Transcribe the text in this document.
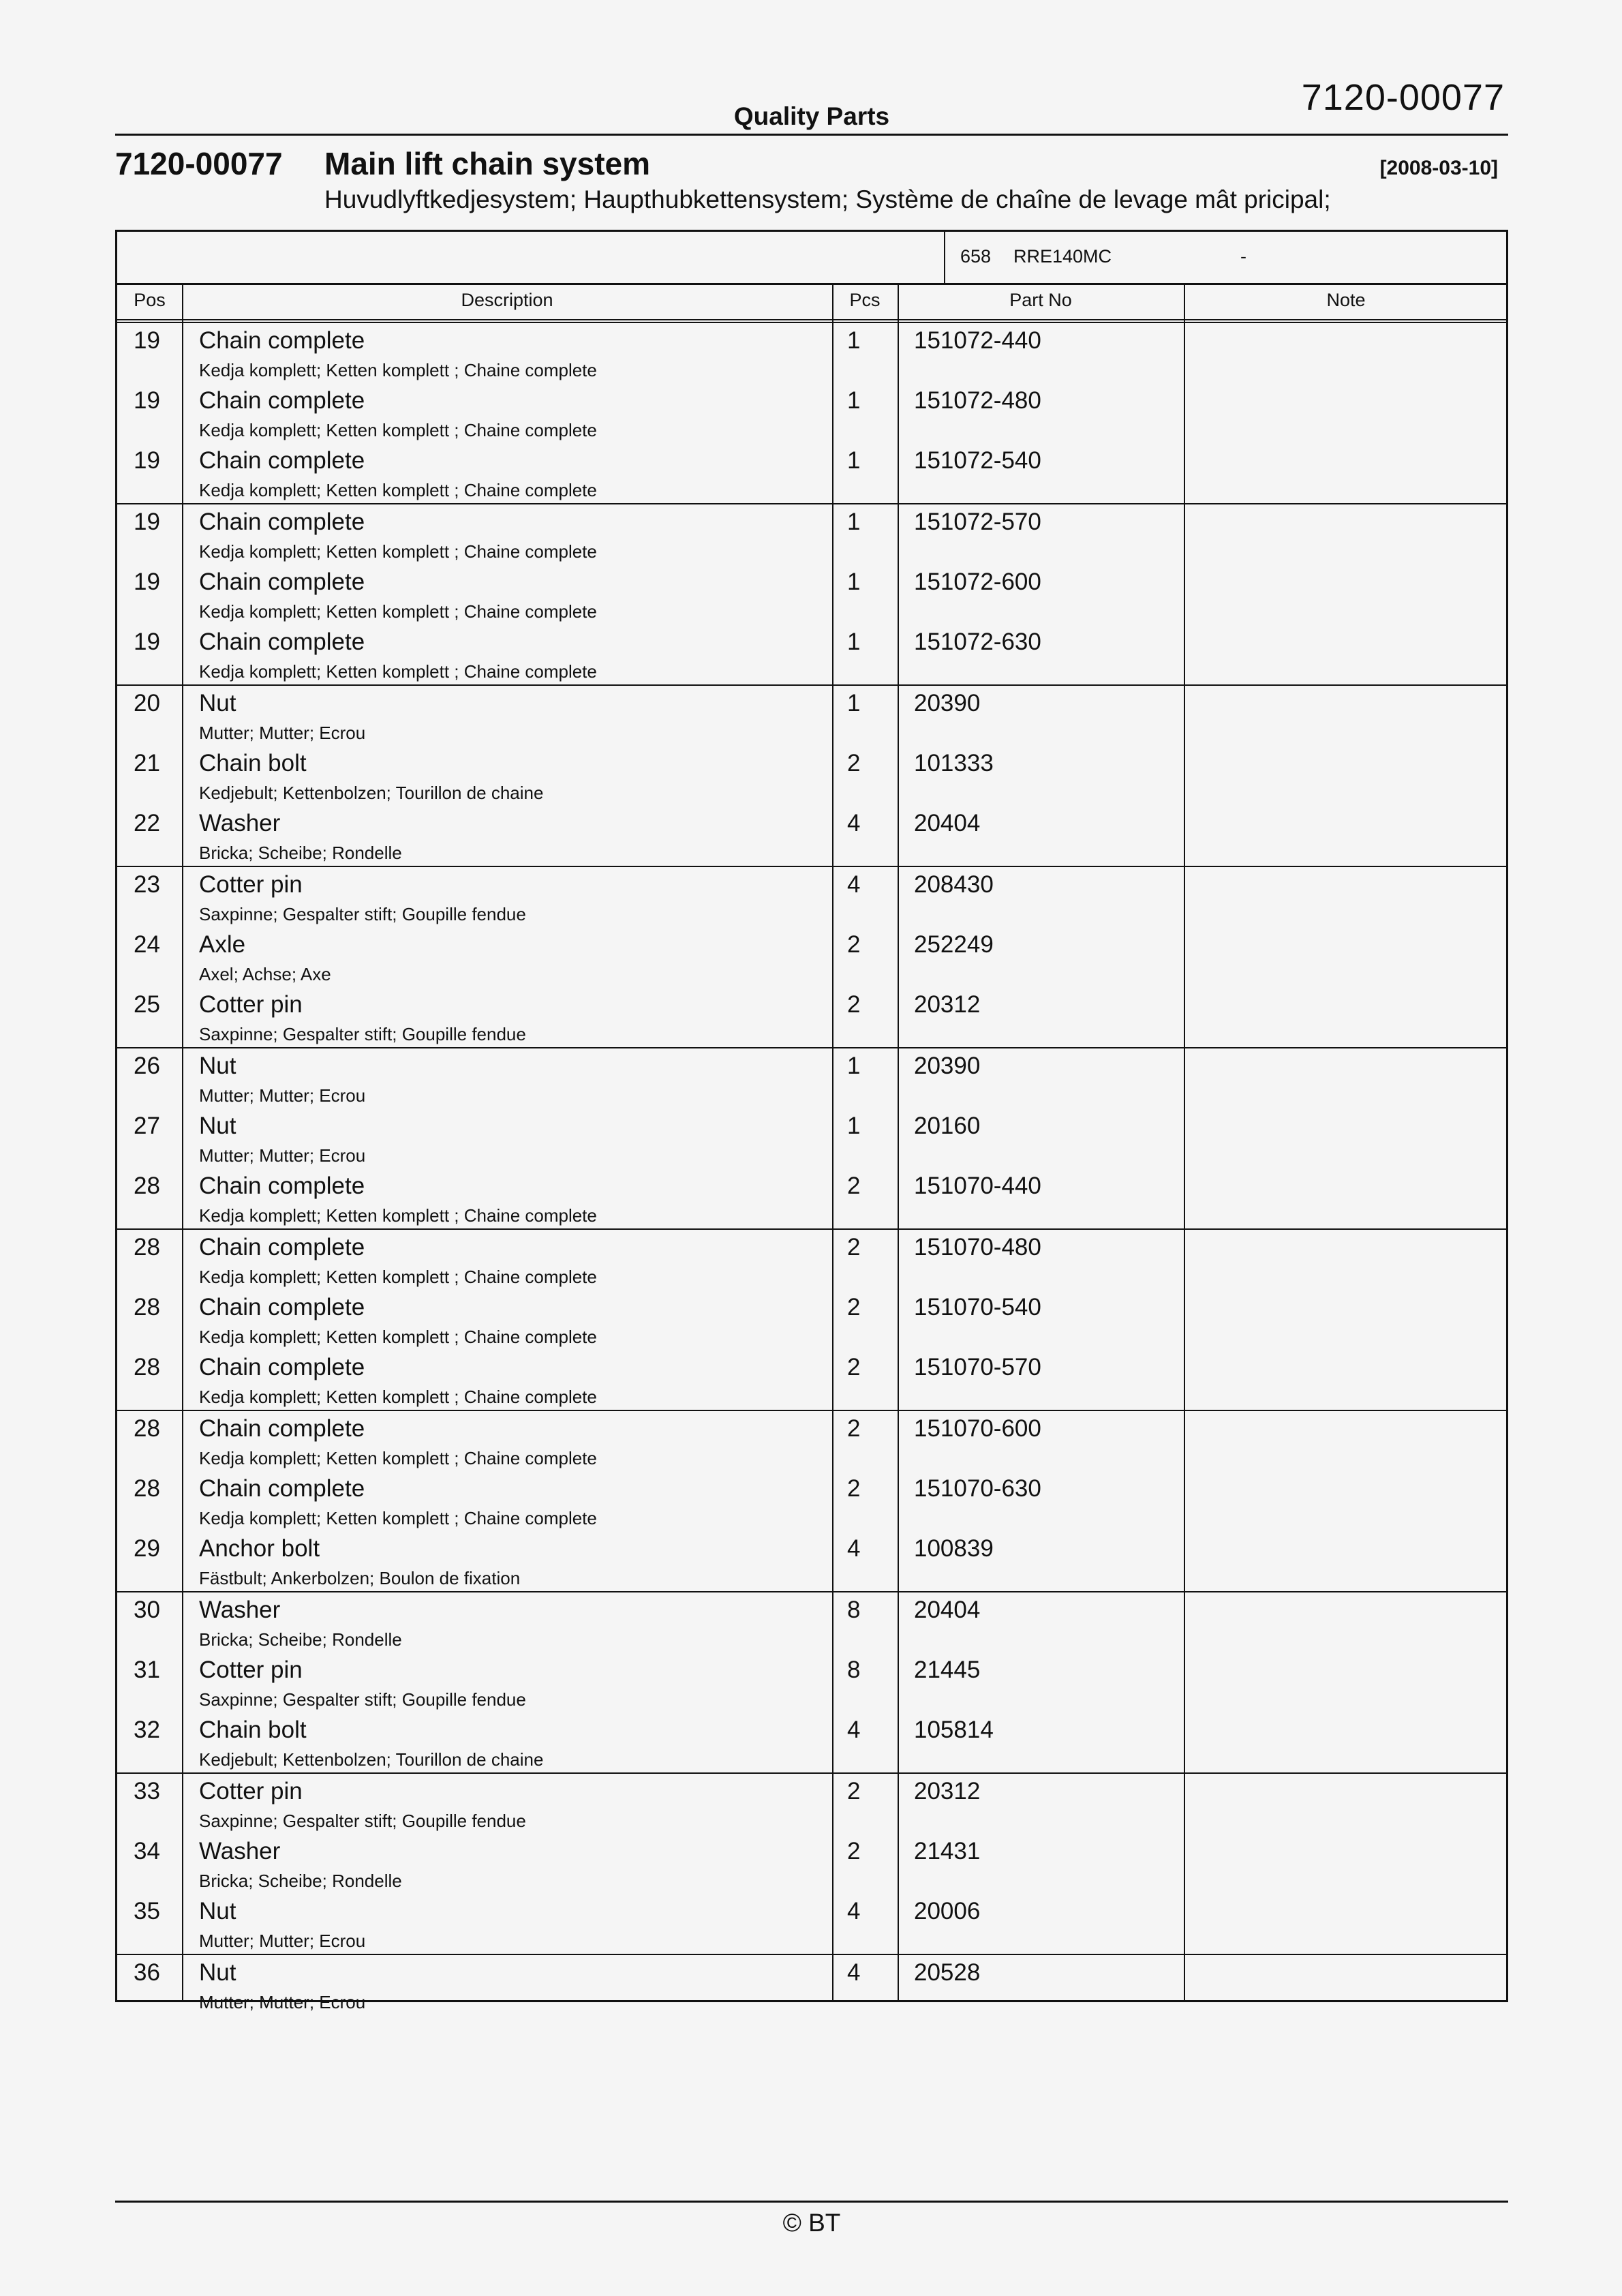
7120-00077
Quality Parts
7120-00077 Main lift chain system	[2008-03-10]
Huvudlyftkedjesystem; Haupthubkettensystem; Système de chaîne de levage mât pricipal;
658 RRE140MC	-
Pos	Description	Pcs	Part No	Note
19 Chain complete
Kedja komplett; Ketten komplett ; Chaine complete
1 151072-440
19 Chain complete
Kedja komplett; Ketten komplett ; Chaine complete
1 151072-480
19 Chain complete
Kedja komplett; Ketten komplett ; Chaine complete
1 151072-540
19 Chain complete
Kedja komplett; Ketten komplett ; Chaine complete
1 151072-570
19 Chain complete
Kedja komplett; Ketten komplett ; Chaine complete
1 151072-600
19 Chain complete
Kedja komplett; Ketten komplett ; Chaine complete
1 151072-630
20 Nut
Mutter; Mutter; Ecrou
1 20390
21 Chain bolt
Kedjebult; Kettenbolzen; Tourillon de chaine
2 101333
22 Washer
Bricka; Scheibe; Rondelle
4 20404
23 Cotter pin
Saxpinne; Gespalter stift; Goupille fendue
4 208430
24 Axle
Axel; Achse; Axe
2 252249
25 Cotter pin
Saxpinne; Gespalter stift; Goupille fendue
2 20312
26 Nut
Mutter; Mutter; Ecrou
1 20390
27 Nut
Mutter; Mutter; Ecrou
1 20160
28 Chain complete
Kedja komplett; Ketten komplett ; Chaine complete
2 151070-440
28 Chain complete
Kedja komplett; Ketten komplett ; Chaine complete
2 151070-480
28 Chain complete
Kedja komplett; Ketten komplett ; Chaine complete
2 151070-540
28 Chain complete
Kedja komplett; Ketten komplett ; Chaine complete
2 151070-570
28 Chain complete
Kedja komplett; Ketten komplett ; Chaine complete
2 151070-600
28 Chain complete
Kedja komplett; Ketten komplett ; Chaine complete
2 151070-630
29 Anchor bolt
Fästbult; Ankerbolzen; Boulon de fixation
4 100839
30 Washer
Bricka; Scheibe; Rondelle
8 20404
31 Cotter pin
Saxpinne; Gespalter stift; Goupille fendue
8 21445
32 Chain bolt
Kedjebult; Kettenbolzen; Tourillon de chaine
4 105814
33 Cotter pin
Saxpinne; Gespalter stift; Goupille fendue
2 20312
34 Washer
Bricka; Scheibe; Rondelle
2 21431
35 Nut
Mutter; Mutter; Ecrou
4 20006
36 Nut
Mutter; Mutter; Ecrou
4 20528
© BT
